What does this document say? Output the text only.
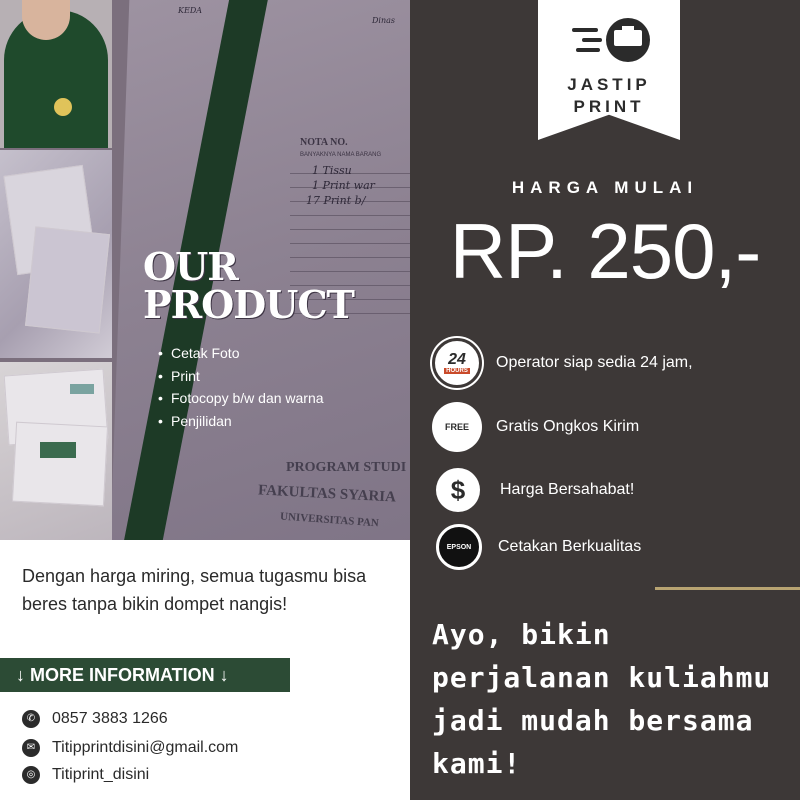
KEDA
Dinas
NOTA NO.
BANYAKNYA NAMA BARANG
1 Tissu
1 Print war
17 Print b/
PROGRAM STUDI
FAKULTAS SYARIA
UNIVERSITAS PAN
OUR
PRODUCT
• Cetak Foto
• Print
• Fotocopy b/w dan warna
• Penjilidan
Dengan harga miring, semua tugasmu bisa beres tanpa bikin dompet nangis!
↓ MORE INFORMATION ↓
✆	0857 3883 1266
✉	Titipprintdisini@gmail.com
◎ Titiprint_disini
JASTIP
PRINT
HARGA MULAI
RP. 250,-
24
HOURS Operator siap sedia 24 jam,
FREE	Gratis Ongkos Kirim
$	Harga Bersahabat!
EPSON	Cetakan Berkualitas
Ayo, bikin perjalanan kuliahmu jadi mudah bersama kami!
